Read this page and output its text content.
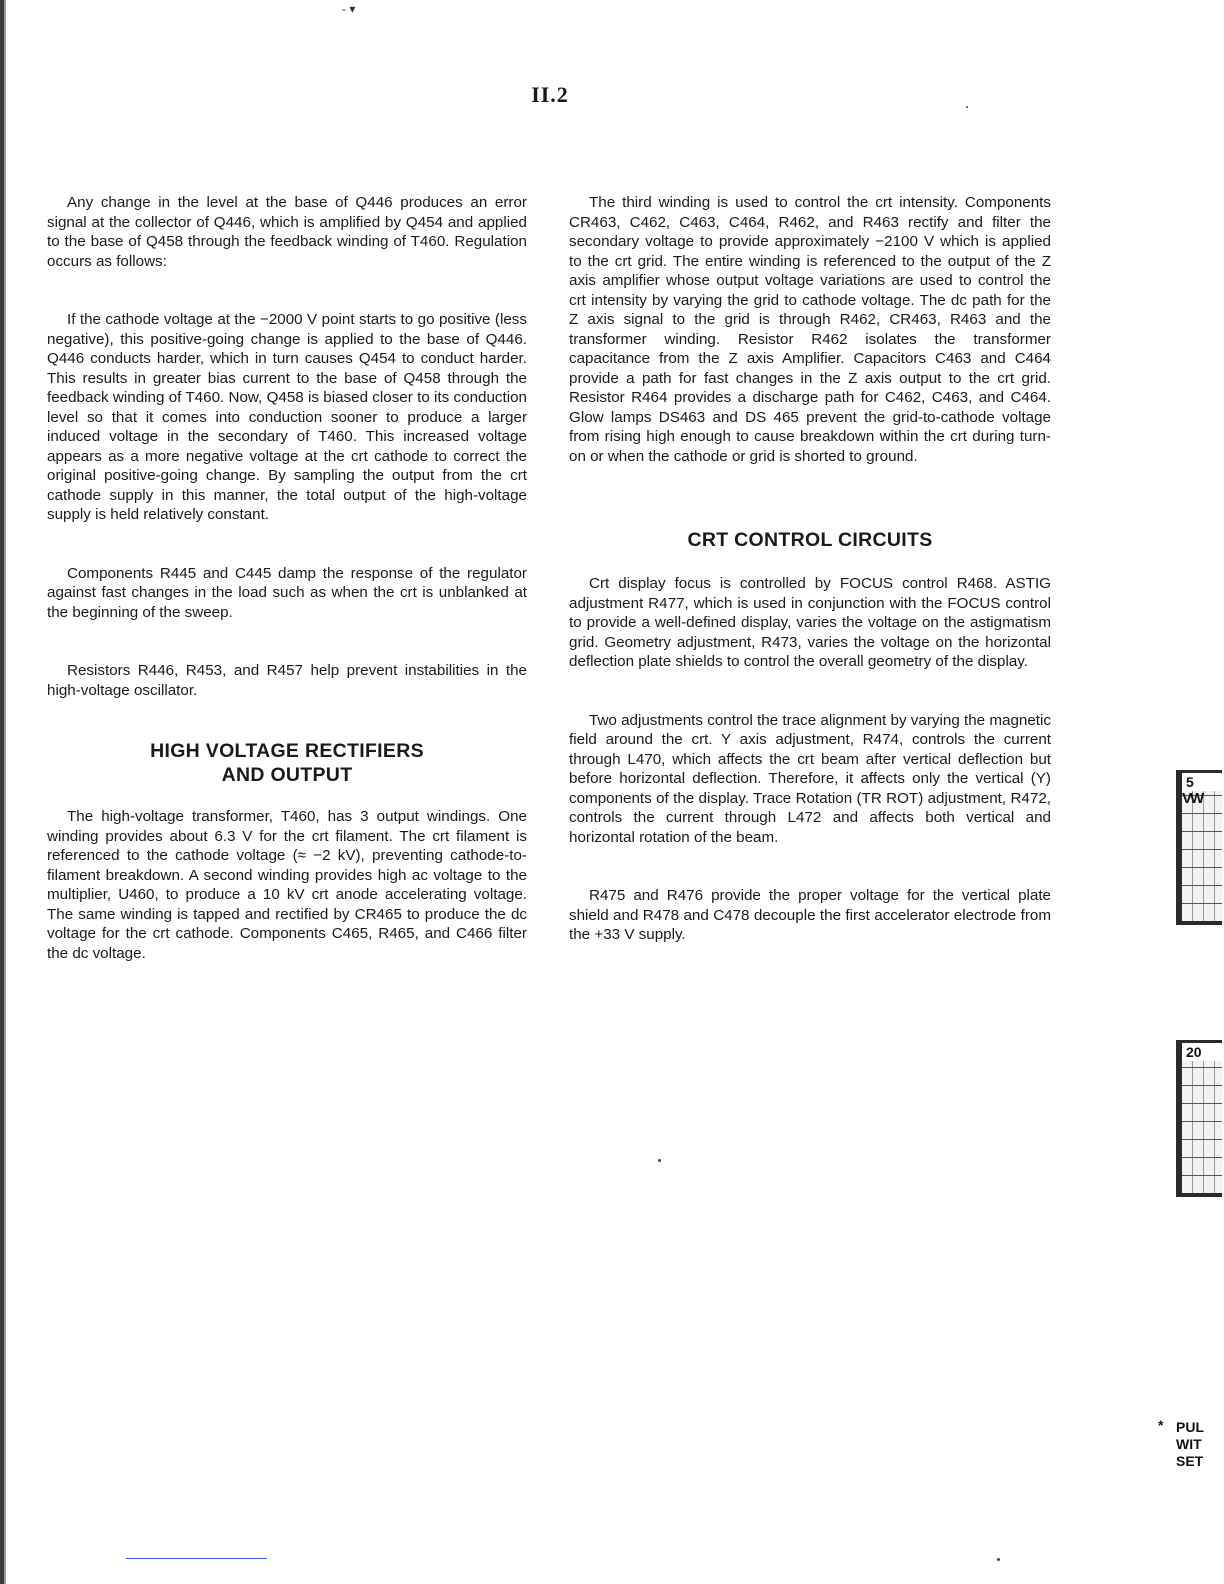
- ▾
II.2

Any change in the level at the base of Q446 produces an error signal at the collector of Q446, which is amplified by Q454 and applied to the base of Q458 through the feedback winding of T460. Regulation occurs as follows:

If the cathode voltage at the −2000 V point starts to go positive (less negative), this positive-going change is applied to the base of Q446. Q446 conducts harder, which in turn causes Q454 to conduct harder. This results in greater bias current to the base of Q458 through the feedback winding of T460. Now, Q458 is biased closer to its conduction level so that it comes into conduction sooner to produce a larger induced voltage in the secondary of T460. This increased voltage appears as a more negative voltage at the crt cathode to correct the original positive-going change. By sampling the output from the crt cathode supply in this manner, the total output of the high-voltage supply is held relatively constant.

Components R445 and C445 damp the response of the regulator against fast changes in the load such as when the crt is unblanked at the beginning of the sweep.

Resistors R446, R453, and R457 help prevent instabilities in the high-voltage oscillator.

HIGH VOLTAGE RECTIFIERS
AND OUTPUT

The high-voltage transformer, T460, has 3 output windings. One winding provides about 6.3 V for the crt filament. The crt filament is referenced to the cathode voltage (≈ −2 kV), preventing cathode-to-filament breakdown. A second winding provides high ac voltage to the multiplier, U460, to produce a 10 kV crt anode accelerating voltage. The same winding is tapped and rectified by CR465 to produce the dc voltage for the crt cathode. Components C465, R465, and C466 filter the dc voltage.

The third winding is used to control the crt intensity. Components CR463, C462, C463, C464, R462, and R463 rectify and filter the secondary voltage to provide approximately −2100 V which is applied to the crt grid. The entire winding is referenced to the output of the Z axis amplifier whose output voltage variations are used to control the crt intensity by varying the grid to cathode voltage. The dc path for the Z axis signal to the grid is through R462, CR463, R463 and the transformer winding. Resistor R462 isolates the transformer capacitance from the Z axis Amplifier. Capacitors C463 and C464 provide a path for fast changes in the Z axis output to the crt grid. Resistor R464 provides a discharge path for C462, C463, and C464. Glow lamps DS463 and DS 465 prevent the grid-to-cathode voltage from rising high enough to cause breakdown within the crt during turn-on or when the cathode or grid is shorted to ground.

CRT CONTROL CIRCUITS

Crt display focus is controlled by FOCUS control R468. ASTIG adjustment R477, which is used in conjunction with the FOCUS control to provide a well-defined display, varies the voltage on the astigmatism grid. Geometry adjustment, R473, varies the voltage on the horizontal deflection plate shields to control the overall geometry of the display.

Two adjustments control the trace alignment by varying the magnetic field around the crt. Y axis adjustment, R474, controls the current through L470, which affects the crt beam after vertical deflection but before horizontal deflection. Therefore, it affects only the vertical (Y) components of the display. Trace Rotation (TR ROT) adjustment, R472, controls the current through L472 and affects both vertical and horizontal rotation of the beam.

R475 and R476 provide the proper voltage for the vertical plate shield and R478 and C478 decouple the first accelerator electrode from the +33 V supply.

5
VW
20
* PUL
WIT
SET
